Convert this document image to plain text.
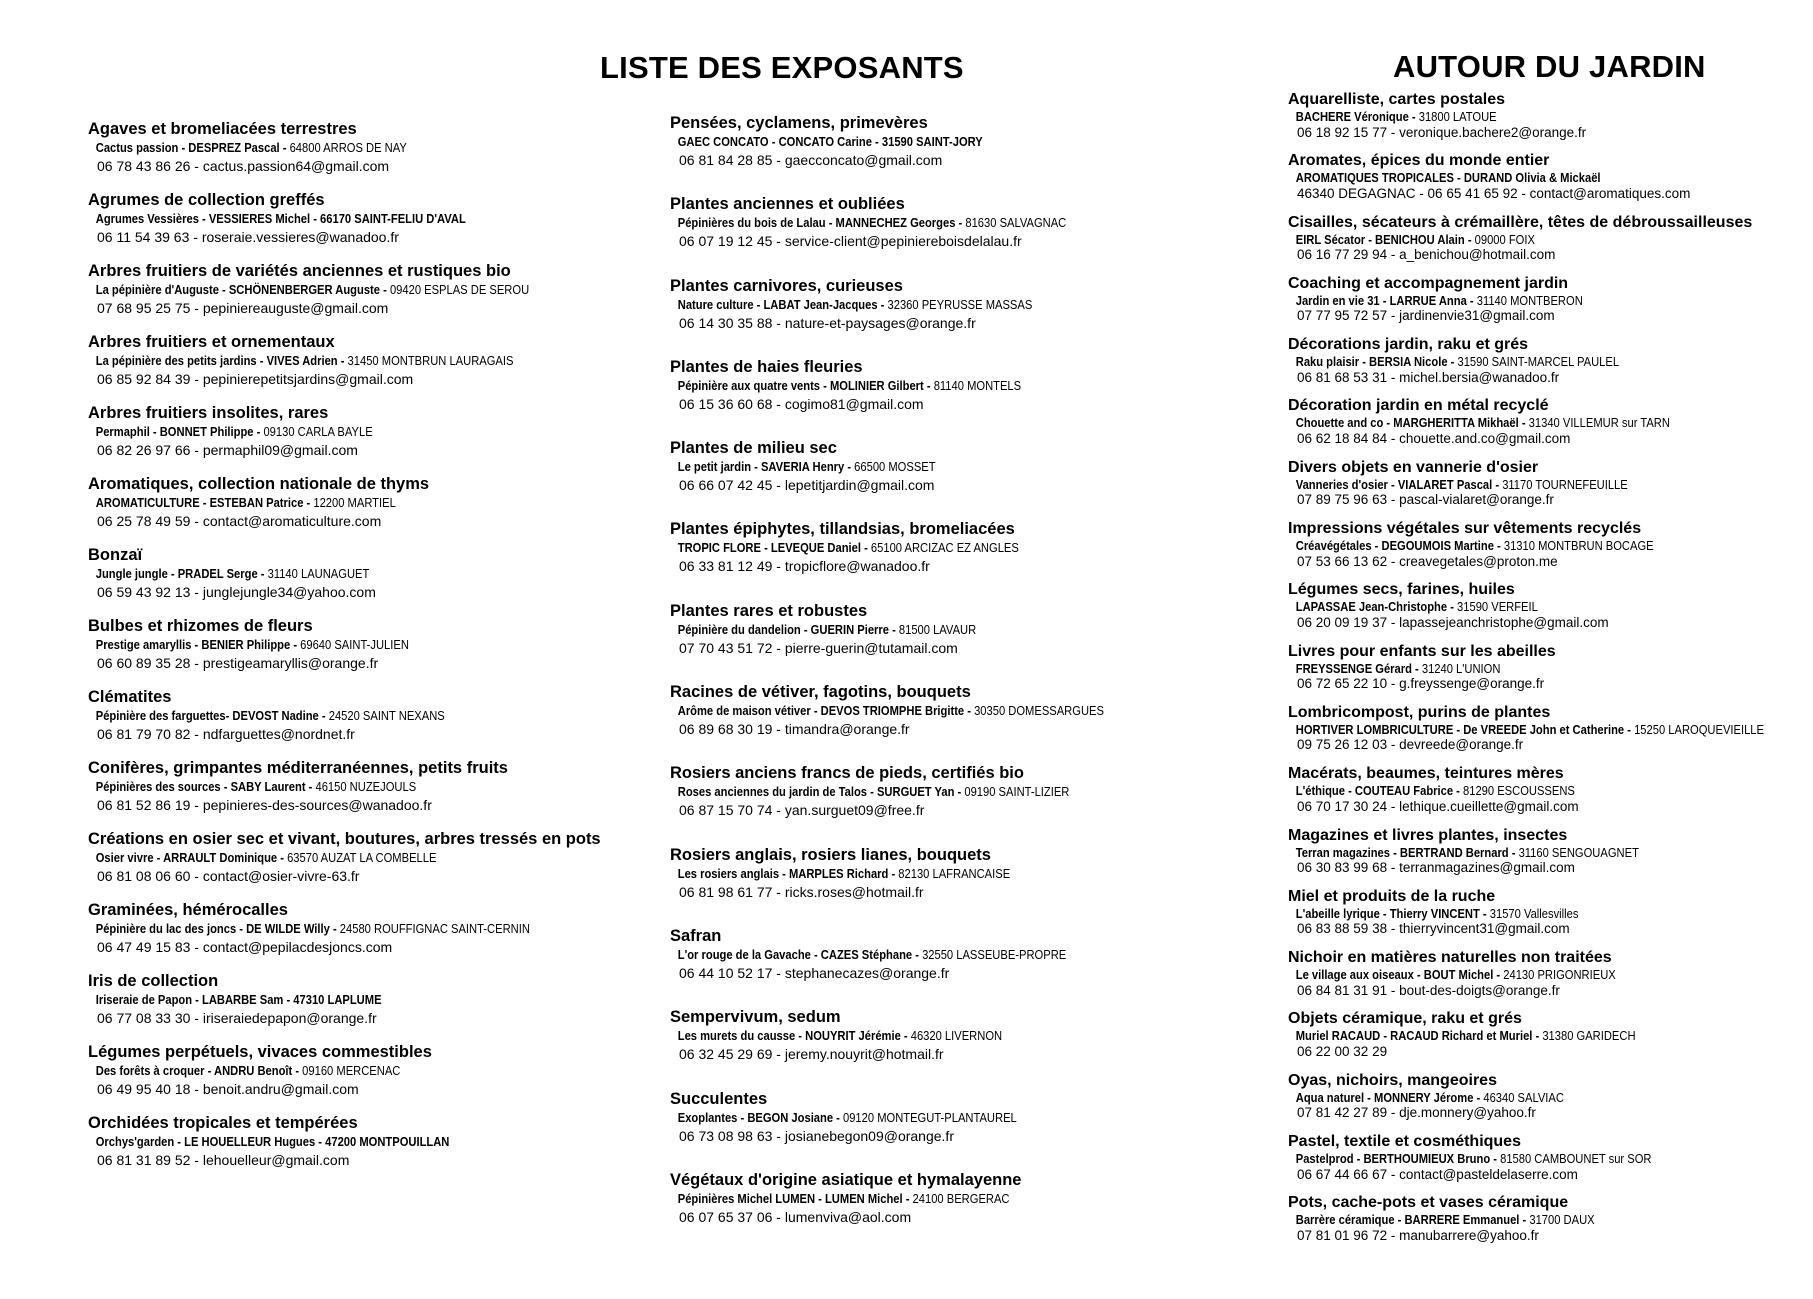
LISTE DES EXPOSANTS	AUTOUR DU JARDIN
Agaves et bromeliacées terrestres
Cactus passion - DESPREZ Pascal - 64800 ARROS DE NAY
06 78 43 86 26 - cactus.passion64@gmail.com
Agrumes de collection greffés
Agrumes Vessières - VESSIERES Michel - 66170 SAINT-FELIU D'AVAL
06 11 54 39 63 - roseraie.vessieres@wanadoo.fr
Arbres fruitiers de variétés anciennes et rustiques bio
La pépinière d'Auguste - SCHÖNENBERGER Auguste - 09420 ESPLAS DE SEROU
07 68 95 25 75 - pepiniereauguste@gmail.com
Arbres fruitiers et ornementaux
La pépinière des petits jardins - VIVES Adrien - 31450 MONTBRUN LAURAGAIS
06 85 92 84 39 - pepinierepetitsjardins@gmail.com
Arbres fruitiers insolites, rares
Permaphil - BONNET Philippe - 09130 CARLA BAYLE
06 82 26 97 66 - permaphil09@gmail.com
Aromatiques, collection nationale de thyms
AROMATICULTURE - ESTEBAN Patrice - 12200 MARTIEL
06 25 78 49 59 - contact@aromaticulture.com
Bonzaï
Jungle jungle - PRADEL Serge - 31140 LAUNAGUET
06 59 43 92 13 - junglejungle34@yahoo.com
Bulbes et rhizomes de fleurs
Prestige amaryllis - BENIER Philippe - 69640 SAINT-JULIEN
06 60 89 35 28 - prestigeamaryllis@orange.fr
Clématites
Pépinière des farguettes- DEVOST Nadine - 24520 SAINT NEXANS
06 81 79 70 82 - ndfarguettes@nordnet.fr
Conifères, grimpantes méditerranéennes, petits fruits
Pépinières des sources - SABY Laurent - 46150 NUZEJOULS
06 81 52 86 19 - pepinieres-des-sources@wanadoo.fr
Créations en osier sec et vivant, boutures, arbres tressés en pots
Osier vivre - ARRAULT Dominique - 63570 AUZAT LA COMBELLE
06 81 08 06 60 - contact@osier-vivre-63.fr
Graminées, hémérocalles
Pépinière du lac des joncs - DE WILDE Willy - 24580 ROUFFIGNAC SAINT-CERNIN
06 47 49 15 83 - contact@pepilacdesjoncs.com
Iris de collection
Iriseraie de Papon - LABARBE Sam - 47310 LAPLUME
06 77 08 33 30 - iriseraiedepapon@orange.fr
Légumes perpétuels, vivaces commestibles
Des forêts à croquer - ANDRU Benoît - 09160 MERCENAC
06 49 95 40 18 - benoit.andru@gmail.com
Orchidées tropicales et tempérées
Orchys'garden - LE HOUELLEUR Hugues - 47200 MONTPOUILLAN
06 81 31 89 52 - lehouelleur@gmail.com
Pensées, cyclamens, primevères
GAEC CONCATO - CONCATO Carine - 31590 SAINT-JORY
06 81 84 28 85 - gaecconcato@gmail.com
Plantes anciennes et oubliées
Pépinières du bois de Lalau - MANNECHEZ Georges - 81630 SALVAGNAC
06 07 19 12 45 - service-client@pepiniereboisdelalau.fr
Plantes carnivores, curieuses
Nature culture - LABAT Jean-Jacques - 32360 PEYRUSSE MASSAS
06 14 30 35 88 - nature-et-paysages@orange.fr
Plantes de haies fleuries
Pépinière aux quatre vents - MOLINIER Gilbert - 81140 MONTELS
06 15 36 60 68 - cogimo81@gmail.com
Plantes de milieu sec
Le petit jardin - SAVERIA Henry - 66500 MOSSET
06 66 07 42 45 - lepetitjardin@gmail.com
Plantes épiphytes, tillandsias, bromeliacées
TROPIC FLORE - LEVEQUE Daniel - 65100 ARCIZAC EZ ANGLES
06 33 81 12 49 - tropicflore@wanadoo.fr
Plantes rares et robustes
Pépinière du dandelion - GUERIN Pierre - 81500 LAVAUR
07 70 43 51 72 - pierre-guerin@tutamail.com
Racines de vétiver, fagotins, bouquets
Arôme de maison vétiver - DEVOS TRIOMPHE Brigitte - 30350 DOMESSARGUES
06 89 68 30 19 - timandra@orange.fr
Rosiers anciens francs de pieds, certifiés bio
Roses anciennes du jardin de Talos - SURGUET Yan - 09190 SAINT-LIZIER
06 87 15 70 74 - yan.surguet09@free.fr
Rosiers anglais, rosiers lianes, bouquets
Les rosiers anglais - MARPLES Richard - 82130 LAFRANCAISE
06 81 98 61 77 - ricks.roses@hotmail.fr
Safran
L'or rouge de la Gavache - CAZES Stéphane - 32550 LASSEUBE-PROPRE
06 44 10 52 17 - stephanecazes@orange.fr
Sempervivum, sedum
Les murets du causse - NOUYRIT Jérémie - 46320 LIVERNON
06 32 45 29 69 - jeremy.nouyrit@hotmail.fr
Succulentes
Exoplantes - BEGON Josiane - 09120 MONTEGUT-PLANTAUREL
06 73 08 98 63 - josianebegon09@orange.fr
Végétaux d'origine asiatique et hymalayenne
Pépinières Michel LUMEN - LUMEN Michel - 24100 BERGERAC
06 07 65 37 06 - lumenviva@aol.com
Aquarelliste, cartes postales
BACHERE Véronique - 31800 LATOUE
06 18 92 15 77 - veronique.bachere2@orange.fr
Aromates, épices du monde entier
AROMATIQUES TROPICALES - DURAND Olivia & Mickaël
46340 DEGAGNAC - 06 65 41 65 92 - contact@aromatiques.com
Cisailles, sécateurs à crémaillère, têtes de débroussailleuses
EIRL Sécator - BENICHOU Alain - 09000 FOIX
06 16 77 29 94 - a_benichou@hotmail.com
Coaching et accompagnement jardin
Jardin en vie 31 - LARRUE Anna - 31140 MONTBERON
07 77 95 72 57 - jardinenvie31@gmail.com
Décorations jardin, raku et grés
Raku plaisir - BERSIA Nicole - 31590 SAINT-MARCEL PAULEL
06 81 68 53 31 - michel.bersia@wanadoo.fr
Décoration jardin en métal recyclé
Chouette and co - MARGHERITTA Mikhaël - 31340 VILLEMUR sur TARN
06 62 18 84 84 - chouette.and.co@gmail.com
Divers objets en vannerie d'osier
Vanneries d'osier - VIALARET Pascal - 31170 TOURNEFEUILLE
07 89 75 96 63 - pascal-vialaret@orange.fr
Impressions végétales sur vêtements recyclés
Créavégétales - DEGOUMOIS Martine - 31310 MONTBRUN BOCAGE
07 53 66 13 62 - creavegetales@proton.me
Légumes secs, farines, huiles
LAPASSAE Jean-Christophe - 31590 VERFEIL
06 20 09 19 37 - lapassejeanchristophe@gmail.com
Livres pour enfants sur les abeilles
FREYSSENGE Gérard - 31240 L'UNION
06 72 65 22 10 - g.freyssenge@orange.fr
Lombricompost, purins de plantes
HORTIVER LOMBRICULTURE - De VREEDE John et Catherine - 15250 LAROQUEVIEILLE
09 75 26 12 03 - devreede@orange.fr
Macérats, beaumes, teintures mères
L'éthique - COUTEAU Fabrice - 81290 ESCOUSSENS
06 70 17 30 24 - lethique.cueillette@gmail.com
Magazines et livres plantes, insectes
Terran magazines - BERTRAND Bernard - 31160 SENGOUAGNET
06 30 83 99 68 - terranmagazines@gmail.com
Miel et produits de la ruche
L'abeille lyrique - Thierry VINCENT - 31570 Vallesvilles
06 83 88 59 38 - thierryvincent31@gmail.com
Nichoir en matières naturelles non traitées
Le village aux oiseaux - BOUT Michel - 24130 PRIGONRIEUX
06 84 81 31 91 - bout-des-doigts@orange.fr
Objets céramique, raku et grés
Muriel RACAUD - RACAUD Richard et Muriel - 31380 GARIDECH
06 22 00 32 29
Oyas, nichoirs, mangeoires
Aqua naturel - MONNERY Jérome - 46340 SALVIAC
07 81 42 27 89 - dje.monnery@yahoo.fr
Pastel, textile et cosméthiques
Pastelprod - BERTHOUMIEUX Bruno - 81580 CAMBOUNET sur SOR
06 67 44 66 67 - contact@pasteldelaserre.com
Pots, cache-pots et vases céramique
Barrère céramique - BARRERE Emmanuel - 31700 DAUX
07 81 01 96 72 - manubarrere@yahoo.fr
